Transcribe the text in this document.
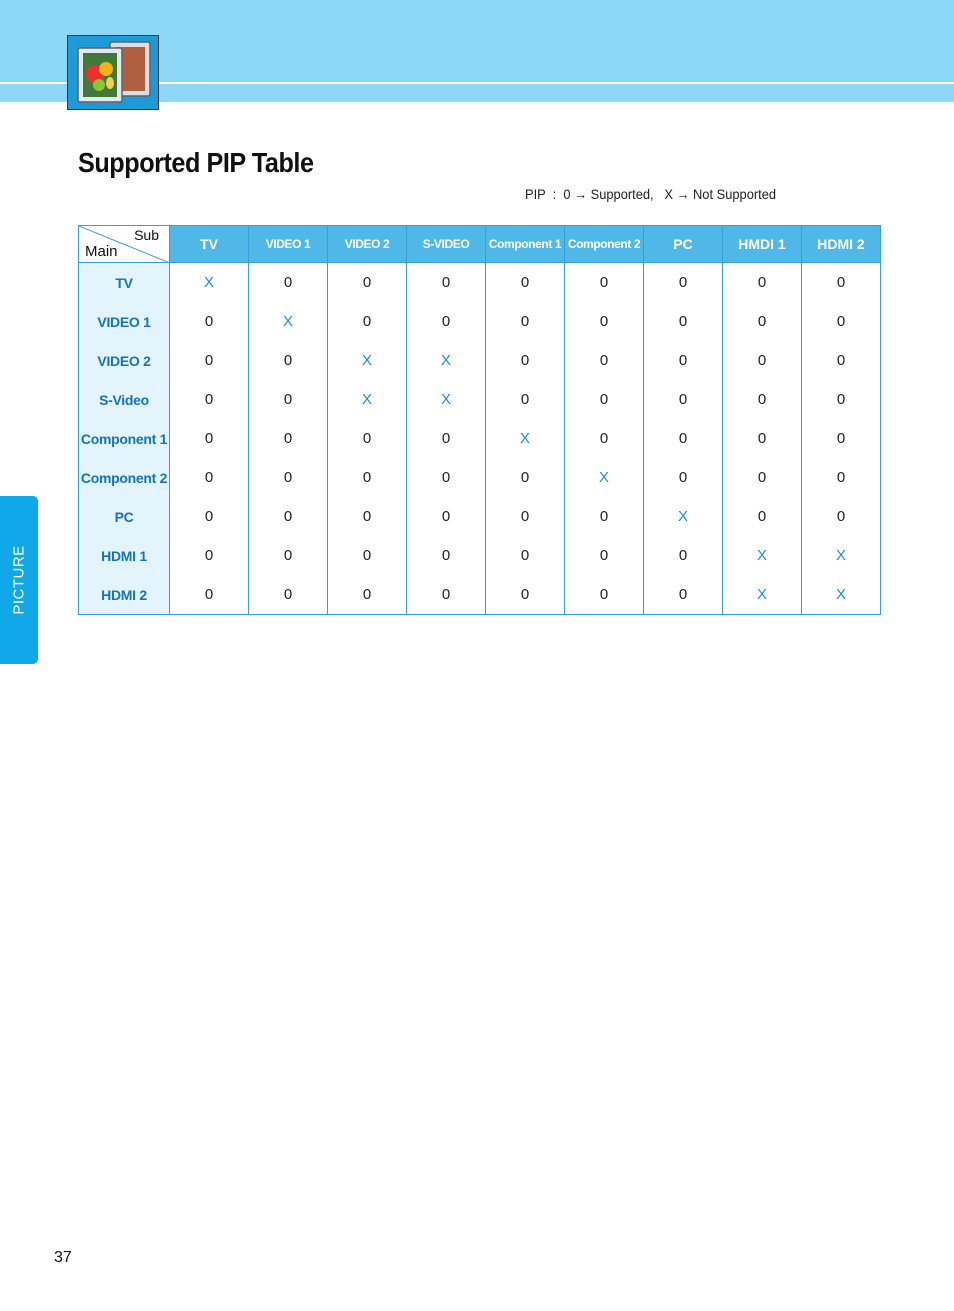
Supported PIP Table
PIP  :  0 → Supported,   X → Not Supported
Sub
Main	TV	VIDEO 1	VIDEO 2	S-VIDEO	Component 1	Component 2	PC	HMDI 1	HDMI 2
TV	X	0	0	0	0	0	0	0	0
VIDEO 1	0	X	0	0	0	0	0	0	0
VIDEO 2	0	0	X	X	0	0	0	0	0
S-Video	0	0	X	X	0	0	0	0	0
Component 1	0	0	0	0	X	0	0	0	0
Component 2	0	0	0	0	0	X	0	0	0
PC	0	0	0	0	0	0	X	0	0
HDMI 1	0	0	0	0	0	0	0	X	X
HDMI 2	0	0	0	0	0	0	0	X	X
PICTURE
37
